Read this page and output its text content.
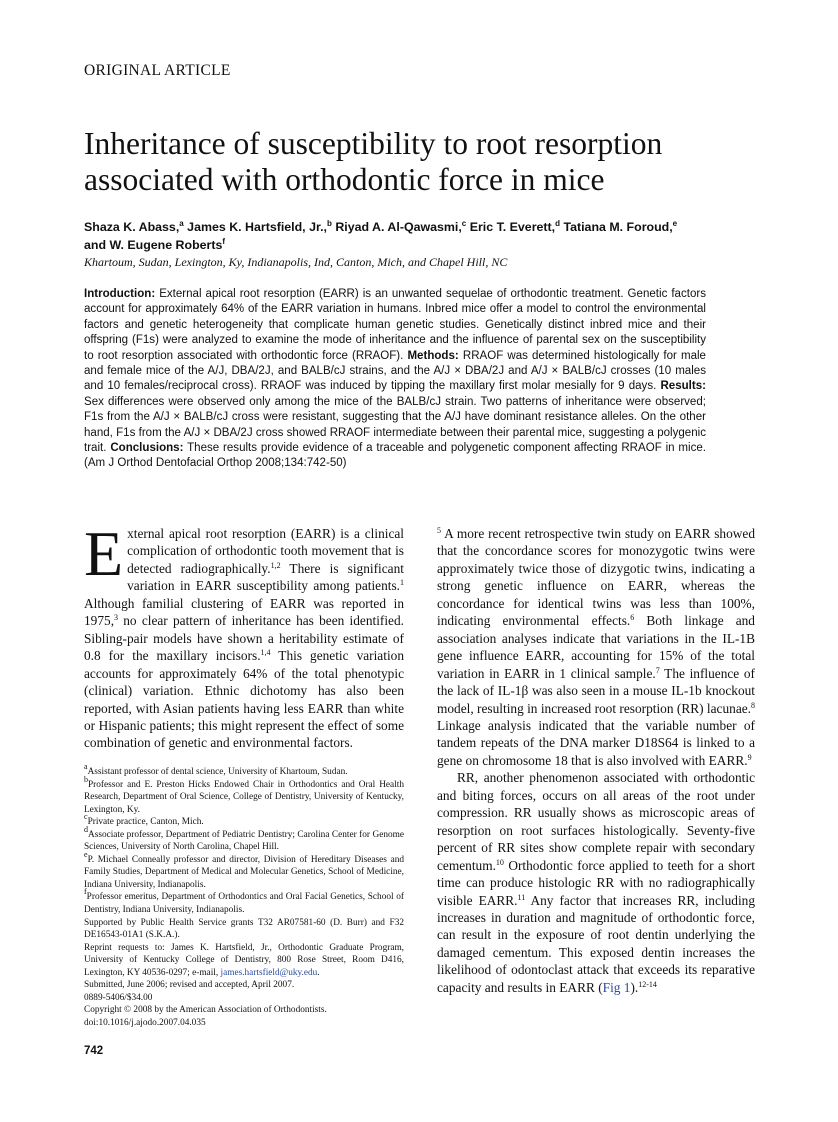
ORIGINAL ARTICLE
Inheritance of susceptibility to root resorption
associated with orthodontic force in mice
Shaza K. Abass,$^a$ James K. Hartsfield, Jr.,$^b$ Riyad A. Al-Qawasmi,$^c$ Eric T. Everett,$^d$ Tatiana M. Foroud,$^e$
and W. Eugene Roberts$^f$
Khartoum, Sudan, Lexington, Ky, Indianapolis, Ind, Canton, Mich, and Chapel Hill, NC
Introduction: External apical root resorption (EARR) is an unwanted sequelae of orthodontic treatment. Genetic factors account for approximately 64% of the EARR variation in humans. Inbred mice offer a model to control the environmental factors and genetic heterogeneity that complicate human genetic studies. Genetically distinct inbred mice and their offspring (F1s) were analyzed to examine the mode of inheritance and the influence of parental sex on the susceptibility to root resorption associated with orthodontic force (RRAOF). Methods: RRAOF was determined histologically for male and female mice of the A/J, DBA/2J, and BALB/cJ strains, and the A/J × DBA/2J and A/J × BALB/cJ crosses (10 males and 10 females/reciprocal cross). RRAOF was induced by tipping the maxillary first molar mesially for 9 days. Results: Sex differences were observed only among the mice of the BALB/cJ strain. Two patterns of inheritance were observed; F1s from the A/J × BALB/cJ cross were resistant, suggesting that the A/J have dominant resistance alleles. On the other hand, F1s from the A/J × DBA/2J cross showed RRAOF intermediate between their parental mice, suggesting a polygenic trait. Conclusions: These results provide evidence of a traceable and polygenetic component affecting RRAOF in mice. (Am J Orthod Dentofacial Orthop 2008;134:742-50)

External apical root resorption (EARR) is a clinical complication of orthodontic tooth movement that is detected radiographically.$^{1,2}$ There is significant variation in EARR susceptibility among patients.$^1$ Although familial clustering of EARR was reported in 1975,$^3$ no clear pattern of inheritance has been identified. Sibling-pair models have shown a heritability estimate of 0.8 for the maxillary incisors.$^{1,4}$ This genetic variation accounts for approximately 64% of the total phenotypic (clinical) variation. Ethnic dichotomy has also been reported, with Asian patients having less EARR than white or Hispanic patients; this might represent the effect of some combination of genetic and environmental factors.

$^5$ A more recent retrospective twin study on EARR showed that the concordance scores for monozygotic twins were approximately twice those of dizygotic twins, indicating a strong genetic influence on EARR, whereas the concordance for identical twins was less than 100%, indicating environmental effects.$^6$ Both linkage and association analyses indicate that variations in the IL-1B gene influence EARR, accounting for 15% of the total variation in EARR in 1 clinical sample.$^7$ The influence of the lack of IL-1β was also seen in a mouse IL-1b knockout model, resulting in increased root resorption (RR) lacunae.$^8$ Linkage analysis indicated that the variable number of tandem repeats of the DNA marker D18S64 is linked to a gene on chromosome 18 that is also involved with EARR.$^9$

RR, another phenomenon associated with orthodontic and biting forces, occurs on all areas of the root under compression. RR usually shows as microscopic areas of resorption on root surfaces histologically. Seventy-five percent of RR sites show complete repair with secondary cementum.$^{10}$ Orthodontic force applied to teeth for a short time can produce histologic RR with no radiographically visible EARR.$^{11}$ Any factor that increases RR, including increases in duration and magnitude of orthodontic force, can result in the exposure of root dentin underlying the damaged cementum. This exposed dentin increases the likelihood of odontoclast attack that exceeds its reparative capacity and results in EARR (Fig 1).$^{12-14}$

$^a$Assistant professor of dental science, University of Khartoum, Sudan.

$^b$Professor and E. Preston Hicks Endowed Chair in Orthodontics and Oral Health Research, Department of Oral Science, College of Dentistry, University of Kentucky, Lexington, Ky.

$^c$Private practice, Canton, Mich.

$^d$Associate professor, Department of Pediatric Dentistry; Carolina Center for Genome Sciences, University of North Carolina, Chapel Hill.

$^e$P. Michael Conneally professor and director, Division of Hereditary Diseases and Family Studies, Department of Medical and Molecular Genetics, School of Medicine, Indiana University, Indianapolis.

$^f$Professor emeritus, Department of Orthodontics and Oral Facial Genetics, School of Dentistry, Indiana University, Indianapolis.

Supported by Public Health Service grants T32 AR07581-60 (D. Burr) and F32 DE16543-01A1 (S.K.A.).

Reprint requests to: James K. Hartsfield, Jr., Orthodontic Graduate Program, University of Kentucky College of Dentistry, 800 Rose Street, Room D416, Lexington, KY 40536-0297; e-mail, james.hartsfield@uky.edu.

Submitted, June 2006; revised and accepted, April 2007.

0889-5406/$34.00

Copyright © 2008 by the American Association of Orthodontists.

doi:10.1016/j.ajodo.2007.04.035

742
